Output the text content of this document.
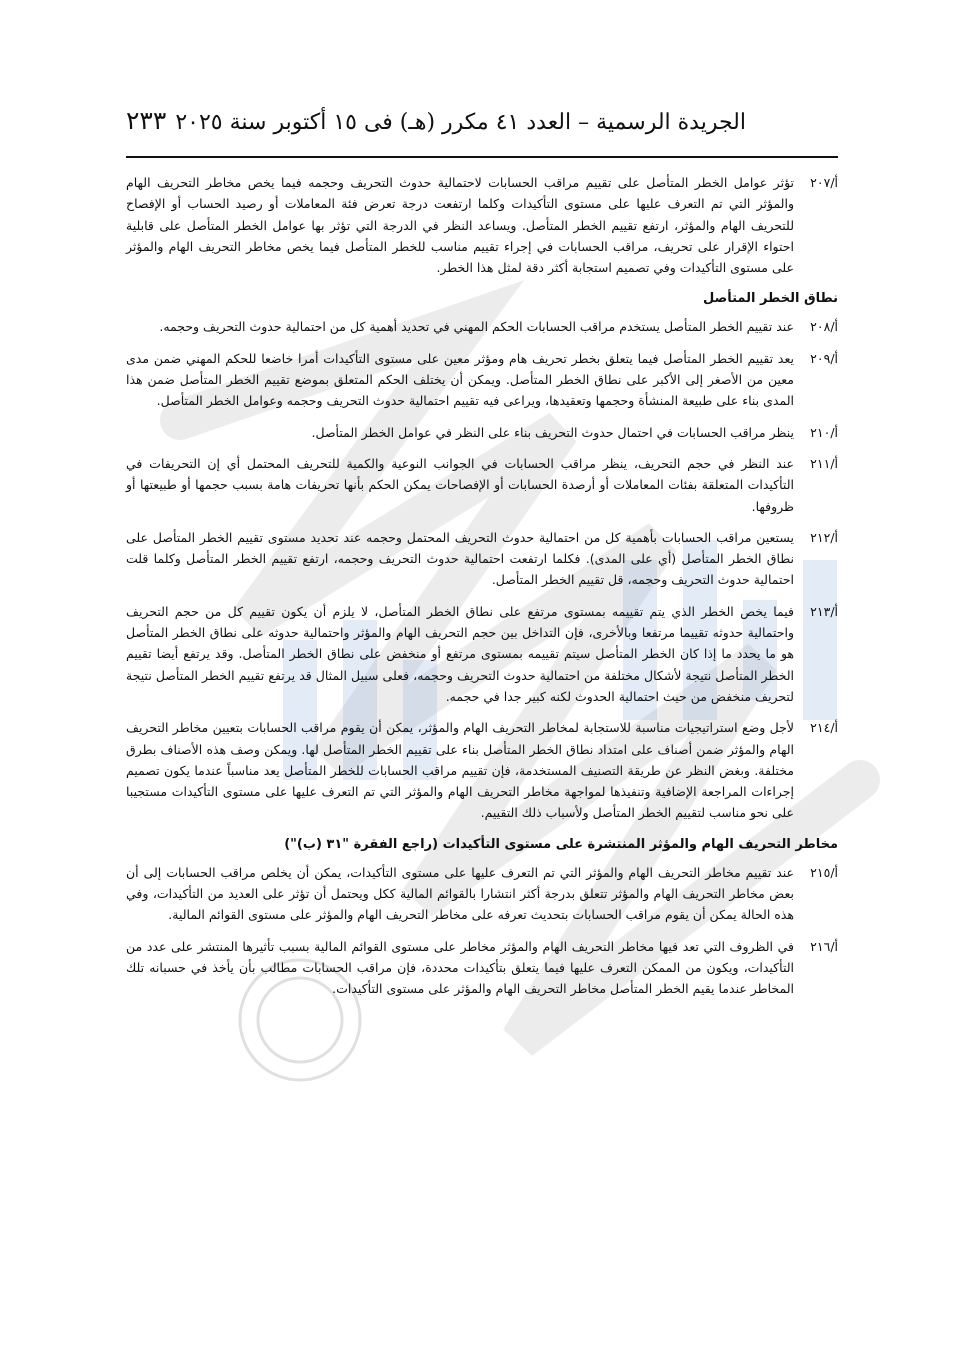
٢٣٣ الجريدة الرسمية – العدد ٤١ مكرر (هـ) فى ١٥ أكتوبر سنة ٢٠٢٥
أ/٢٠٧
تؤثر عوامل الخطر المتأصل على تقييم مراقب الحسابات لاحتمالية حدوث التحريف وحجمه فيما يخص مخاطر التحريف الهام والمؤثر التي تم التعرف عليها على مستوى التأكيدات وكلما ارتفعت درجة تعرض فئة المعاملات أو رصيد الحساب أو الإفصاح للتحريف الهام والمؤثر، ارتفع تقييم الخطر المتأصل. ويساعد النظر في الدرجة التي تؤثر بها عوامل الخطر المتأصل على قابلية احتواء الإقرار على تحريف، مراقب الحسابات في إجراء تقييم مناسب للخطر المتأصل فيما يخص مخاطر التحريف الهام والمؤثر على مستوى التأكيدات وفي تصميم استجابة أكثر دقة لمثل هذا الخطر.
نطاق الخطر المتأصل
أ/٢٠٨
عند تقييم الخطر المتأصل يستخدم مراقب الحسابات الحكم المهني في تحديد أهمية كل من احتمالية حدوث التحريف وحجمه.
أ/٢٠٩
يعد تقييم الخطر المتأصل فيما يتعلق بخطر تحريف هام ومؤثر معين على مستوى التأكيدات أمرا خاضعا للحكم المهني ضمن مدى معين من الأصغر إلى الأكبر على نطاق الخطر المتأصل. ويمكن أن يختلف الحكم المتعلق بموضع تقييم الخطر المتأصل ضمن هذا المدى بناء على طبيعة المنشأة وحجمها وتعقيدها، ويراعى فيه تقييم احتمالية حدوث التحريف وحجمه وعوامل الخطر المتأصل.
أ/٢١٠
ينظر مراقب الحسابات في احتمال حدوث التحريف بناء على النظر في عوامل الخطر المتأصل.
أ/٢١١
عند النظر في حجم التحريف، ينظر مراقب الحسابات في الجوانب النوعية والكمية للتحريف المحتمل أي إن التحريفات في التأكيدات المتعلقة بفئات المعاملات أو أرصدة الحسابات أو الإفصاحات يمكن الحكم بأنها تحريفات هامة بسبب حجمها أو طبيعتها أو ظروفها.
أ/٢١٢
يستعين مراقب الحسابات بأهمية كل من احتمالية حدوث التحريف المحتمل وحجمه عند تحديد مستوى تقييم الخطر المتأصل على نطاق الخطر المتأصل (أي على المدى). فكلما ارتفعت احتمالية حدوث التحريف وحجمه، ارتفع تقييم الخطر المتأصل وكلما قلت احتمالية حدوث التحريف وحجمه، قل تقييم الخطر المتأصل.
أ/٢١٣
فيما يخص الخطر الذي يتم تقييمه بمستوى مرتفع على نطاق الخطر المتأصل، لا يلزم أن يكون تقييم كل من حجم التحريف واحتمالية حدوثه تقييما مرتفعا وبالأخرى، فإن التداخل بين حجم التحريف الهام والمؤثر واحتمالية حدوثه على نطاق الخطر المتأصل هو ما يحدد ما إذا كان الخطر المتأصل سيتم تقييمه بمستوى مرتفع أو منخفض على نطاق الخطر المتأصل. وقد يرتفع أيضا تقييم الخطر المتأصل نتيجة لأشكال مختلفة من احتمالية حدوث التحريف وحجمه، فعلى سبيل المثال قد يرتفع تقييم الخطر المتأصل نتيجة لتحريف منخفض من حيث احتمالية الحدوث لكنه كبير جدا في حجمه.
أ/٢١٤
لأجل وضع استراتيجيات مناسبة للاستجابة لمخاطر التحريف الهام والمؤثر، يمكن أن يقوم مراقب الحسابات بتعيين مخاطر التحريف الهام والمؤثر ضمن أصناف على امتداد نطاق الخطر المتأصل بناء على تقييم الخطر المتأصل لها. ويمكن وصف هذه الأصناف بطرق مختلفة. وبغض النظر عن طريقة التصنيف المستخدمة، فإن تقييم مراقب الحسابات للخطر المتأصل يعد مناسباً عندما يكون تصميم إجراءات المراجعة الإضافية وتنفيذها لمواجهة مخاطر التحريف الهام والمؤثر التي تم التعرف عليها على مستوى التأكيدات مستجيبا على نحو مناسب لتقييم الخطر المتأصل ولأسباب ذلك التقييم.
مخاطر التحريف الهام والمؤثر المنتشرة على مستوى التأكيدات (راجع الفقرة "٣١ (ب)")
أ/٢١٥
عند تقييم مخاطر التحريف الهام والمؤثر التي تم التعرف عليها على مستوى التأكيدات، يمكن أن يخلص مراقب الحسابات إلى أن بعض مخاطر التحريف الهام والمؤثر تتعلق بدرجة أكثر انتشارا بالقوائم المالية ككل ويحتمل أن تؤثر على العديد من التأكيدات، وفي هذه الحالة يمكن أن يقوم مراقب الحسابات بتحديث تعرفه على مخاطر التحريف الهام والمؤثر على مستوى القوائم المالية.
أ/٢١٦
في الظروف التي تعد فيها مخاطر التحريف الهام والمؤثر مخاطر على مستوى القوائم المالية بسبب تأثيرها المنتشر على عدد من التأكيدات، ويكون من الممكن التعرف عليها فيما يتعلق بتأكيدات محددة، فإن مراقب الحسابات مطالب بأن يأخذ في حسبانه تلك المخاطر عندما يقيم الخطر المتأصل مخاطر التحريف الهام والمؤثر على مستوى التأكيدات.
